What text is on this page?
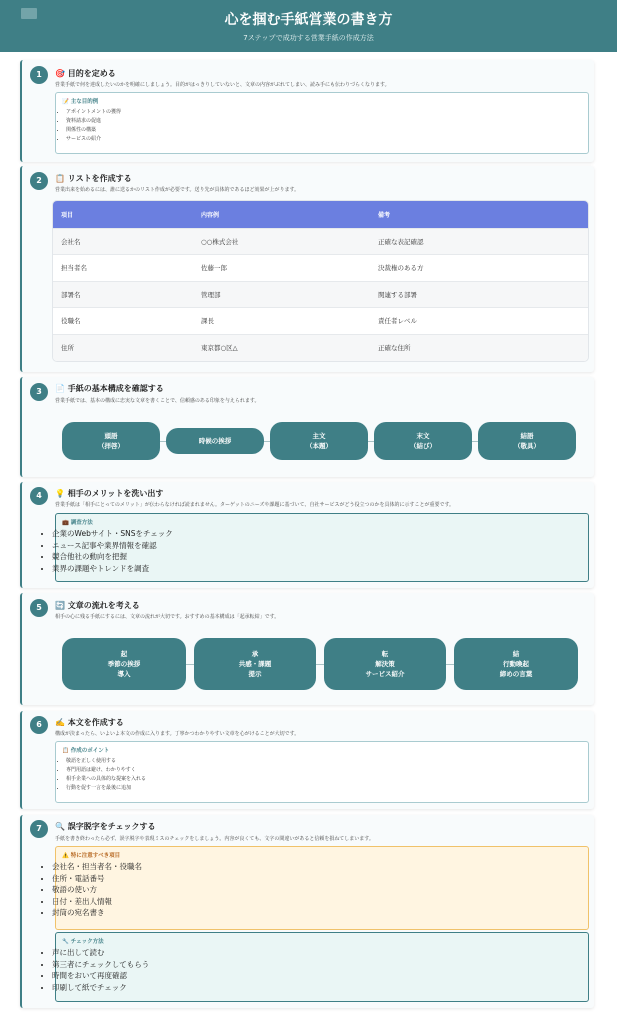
心を掴む手紙営業の書き方
7ステップで成功する営業手紙の作成方法
1	🎯 目的を定める
営業手紙で何を達成したいのかを明確にしましょう。目的がはっきりしていないと、文章の内容がぶれてしまい、読み手にも伝わりづらくなります。
📝 主な目的例
• アポイントメントの獲得
• 資料請求の促進
• 関係性の構築
• サービスの紹介
2	📋 リストを作成する
営業出来を始めるには、誰に送るかのリスト作成が必要です。送り先が具体的であるほど効果が上がります。
項目	内容例	備考
会社名	○○株式会社	正確な表記確認
担当者名	佐藤一郎	決裁権のある方
部署名	管理部	関連する部署
役職名	課長	責任者レベル
住所	東京都○区△	正確な住所
3	📄 手紙の基本構成を確認する
営業手紙では、基本の構成に忠実な文章を書くことで、信頼感のある印象を与えられます。
頭語
（拝啓）
時候の挨拶
主文
（本題）
末文
（結び）
結語
（敬具）
4	💡 相手のメリットを洗い出す
営業手紙は「相手にとってのメリット」が伝わらなければ読まれません。ターゲットのニーズや課題に基づいて、自社サービスがどう役立つのかを具体的に示すことが重要です。
💼 調査方法
• 企業のWebサイト・SNSをチェック
• ニュース記事や業界情報を確認
• 競合他社の動向を把握
• 業界の課題やトレンドを調査
5	🔄 文章の流れを考える
相手の心に残る手紙にするには、文章の流れが大切です。おすすめの基本構成は「起承転結」です。
起
季節の挨拶
導入
承
共感・課題
提示
転
解決策
サービス紹介
結
行動喚起
締めの言葉
6	✍️ 本文を作成する
構成が決まったら、いよいよ本文の作成に入ります。丁寧かつわかりやすい文章を心がけることが大切です。
📋 作成のポイント
• 敬語を正しく使用する
• 専門用語は避け、わかりやすく
• 相手企業への具体的な提案を入れる
• 行動を促す一言を最後に追加
7	🔍 誤字脱字をチェックする
手紙を書き終わったら必ず、誤字脱字や表現ミスのチェックをしましょう。内容が良くても、文字の間違いがあると信頼を損ねてしまいます。
⚠️ 特に注意すべき項目
• 会社名・担当者名・役職名
• 住所・電話番号
• 敬語の使い方
• 日付・差出人情報
• 封筒の宛名書き
🔧 チェック方法
• 声に出して読む
• 第三者にチェックしてもらう
• 時間をおいて再度確認
• 印刷して紙でチェック
